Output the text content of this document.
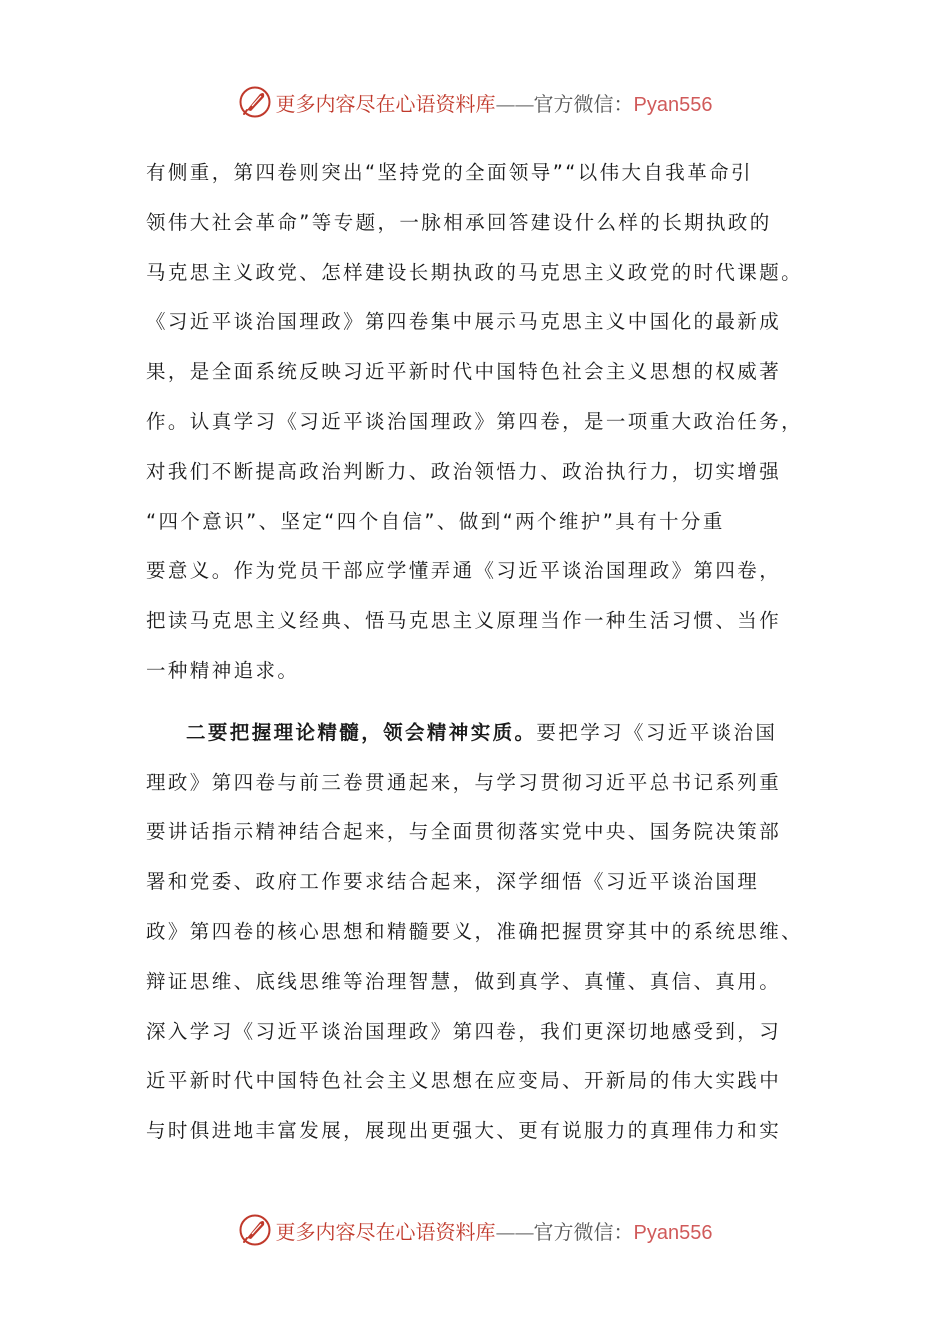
更多内容尽在心语资料库——官方微信：Pyan556
有侧重，第四卷则突出“坚持党的全面领导”“以伟大自我革命引
领伟大社会革命”等专题，一脉相承回答建设什么样的长期执政的
马克思主义政党、怎样建设长期执政的马克思主义政党的时代课题。
《习近平谈治国理政》第四卷集中展示马克思主义中国化的最新成
果，是全面系统反映习近平新时代中国特色社会主义思想的权威著
作。认真学习《习近平谈治国理政》第四卷，是一项重大政治任务，
对我们不断提高政治判断力、政治领悟力、政治执行力，切实增强
“四个意识”、坚定“四个自信”、做到“两个维护”具有十分重
要意义。作为党员干部应学懂弄通《习近平谈治国理政》第四卷，
把读马克思主义经典、悟马克思主义原理当作一种生活习惯、当作
一种精神追求。
二要把握理论精髓，领会精神实质。要把学习《习近平谈治国
理政》第四卷与前三卷贯通起来，与学习贯彻习近平总书记系列重
要讲话指示精神结合起来，与全面贯彻落实党中央、国务院决策部
署和党委、政府工作要求结合起来，深学细悟《习近平谈治国理
政》第四卷的核心思想和精髓要义，准确把握贯穿其中的系统思维、
辩证思维、底线思维等治理智慧，做到真学、真懂、真信、真用。
深入学习《习近平谈治国理政》第四卷，我们更深切地感受到，习
近平新时代中国特色社会主义思想在应变局、开新局的伟大实践中
与时俱进地丰富发展，展现出更强大、更有说服力的真理伟力和实
更多内容尽在心语资料库——官方微信：Pyan556
